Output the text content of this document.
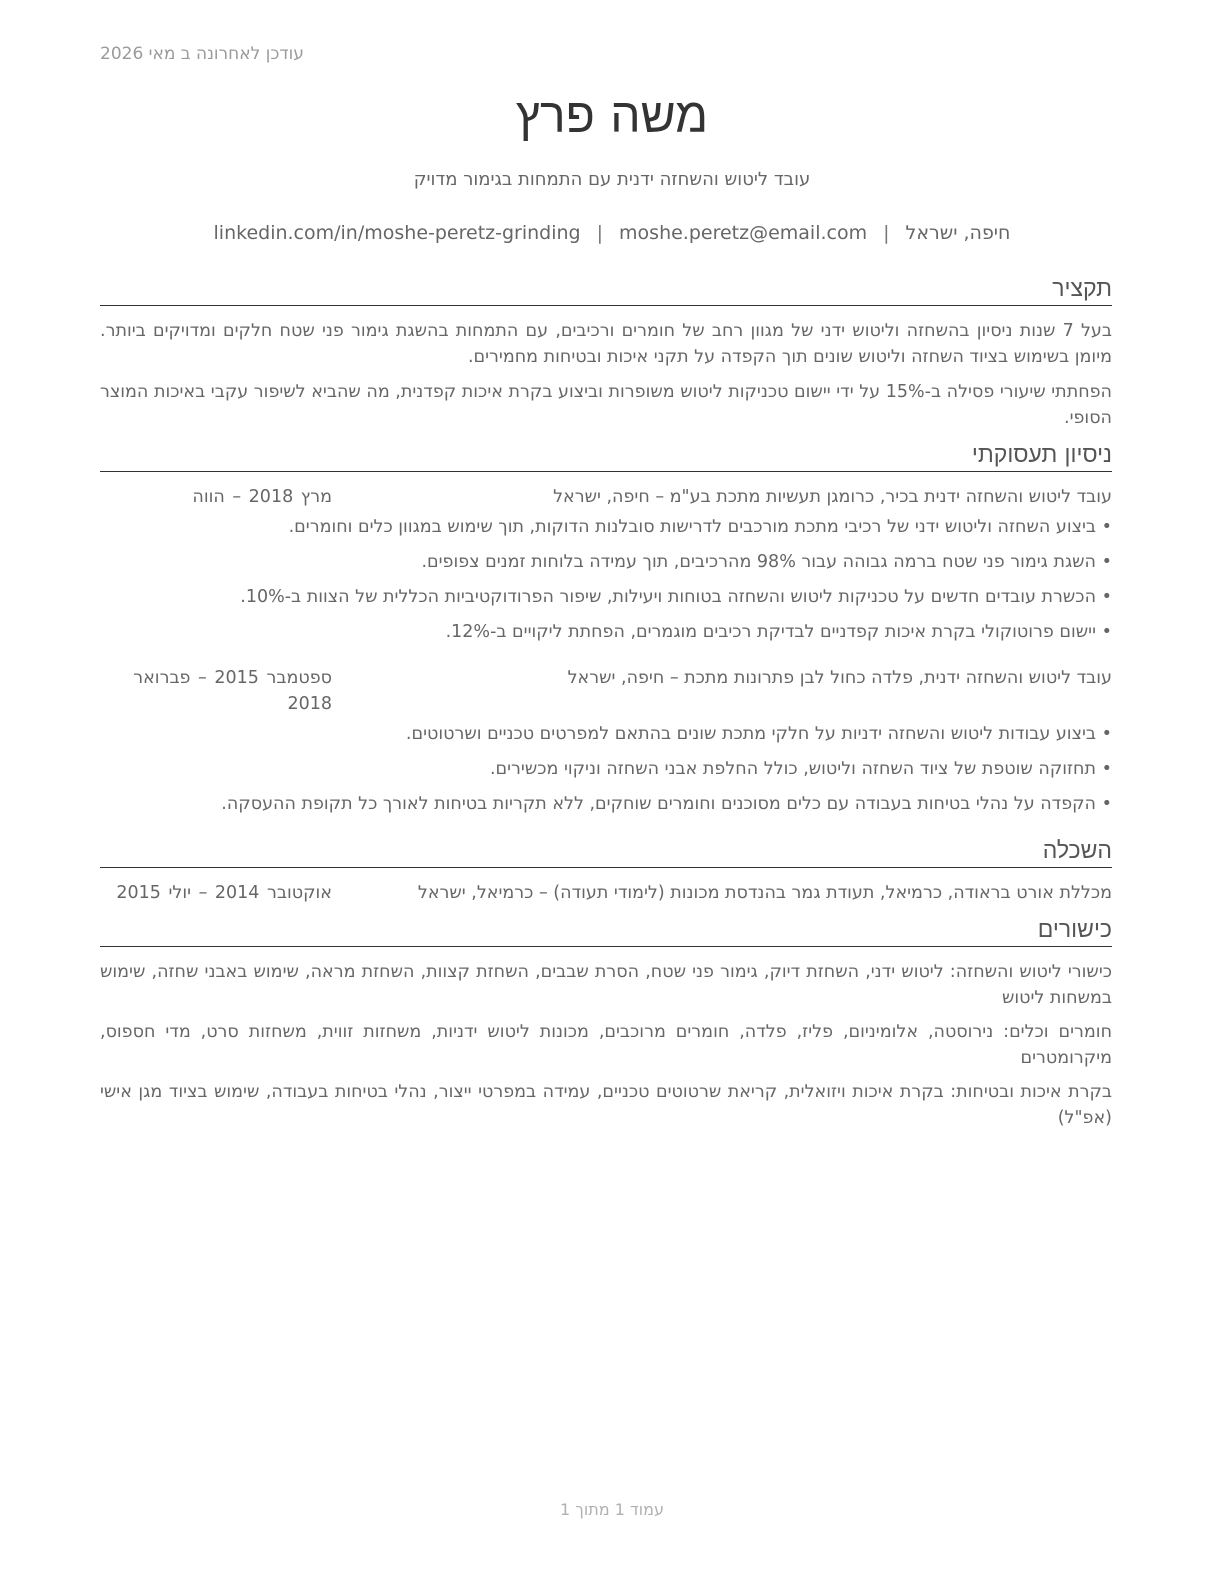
עודכן לאחרונה ב מאי 2026
משה פרץ
עובד ליטוש והשחזה ידנית עם התמחות בגימור מדויק
חיפה, ישראל|moshe.peretz@email.com|linkedin.com/in/moshe-peretz-grinding
תקציר

בעל 7 שנות ניסיון בהשחזה וליטוש ידני של מגוון רחב של חומרים ורכיבים, עם התמחות בהשגת גימור פני שטח חלקים ומדויקים ביותר. מיומן בשימוש בציוד השחזה וליטוש שונים תוך הקפדה על תקני איכות ובטיחות מחמירים.

הפחתתי שיעורי פסילה ב-15% על ידי יישום טכניקות ליטוש משופרות וביצוע בקרת איכות קפדנית, מה שהביא לשיפור עקבי באיכות המוצר הסופי.

ניסיון תעסוקתי
עובד ליטוש והשחזה ידנית בכיר, כרומגן תעשיות מתכת בע"מ – חיפה, ישראל
מרץ 2018 – הווה
• ביצוע השחזה וליטוש ידני של רכיבי מתכת מורכבים לדרישות סובלנות הדוקות, תוך שימוש במגוון כלים וחומרים.
• השגת גימור פני שטח ברמה גבוהה עבור 98% מהרכיבים, תוך עמידה בלוחות זמנים צפופים.
• הכשרת עובדים חדשים על טכניקות ליטוש והשחזה בטוחות ויעילות, שיפור הפרודוקטיביות הכללית של הצוות ב-10%.
• יישום פרוטוקולי בקרת איכות קפדניים לבדיקת רכיבים מוגמרים, הפחתת ליקויים ב-12%.
עובד ליטוש והשחזה ידנית, פלדה כחול לבן פתרונות מתכת – חיפה, ישראל
ספטמבר 2015 – פברואר 2018
• ביצוע עבודות ליטוש והשחזה ידניות על חלקי מתכת שונים בהתאם למפרטים טכניים ושרטוטים.
• תחזוקה שוטפת של ציוד השחזה וליטוש, כולל החלפת אבני השחזה וניקוי מכשירים.
• הקפדה על נהלי בטיחות בעבודה עם כלים מסוכנים וחומרים שוחקים, ללא תקריות בטיחות לאורך כל תקופת ההעסקה.
השכלה
מכללת אורט בראודה, כרמיאל, תעודת גמר בהנדסת מכונות (לימודי תעודה) – כרמיאל, ישראל
אוקטובר 2014 – יולי 2015
כישורים

כישורי ליטוש והשחזה: ליטוש ידני, השחזת דיוק, גימור פני שטח, הסרת שבבים, השחזת קצוות, השחזת מראה, שימוש באבני שחזה, שימוש במשחות ליטוש

חומרים וכלים: נירוסטה, אלומיניום, פליז, פלדה, חומרים מרוכבים, מכונות ליטוש ידניות, משחזות זווית, משחזות סרט, מדי חספוס, מיקרומטרים

בקרת איכות ובטיחות: בקרת איכות ויזואלית, קריאת שרטוטים טכניים, עמידה במפרטי ייצור, נהלי בטיחות בעבודה, שימוש בציוד מגן אישי (אפ"ל)

עמוד 1 מתוך 1
